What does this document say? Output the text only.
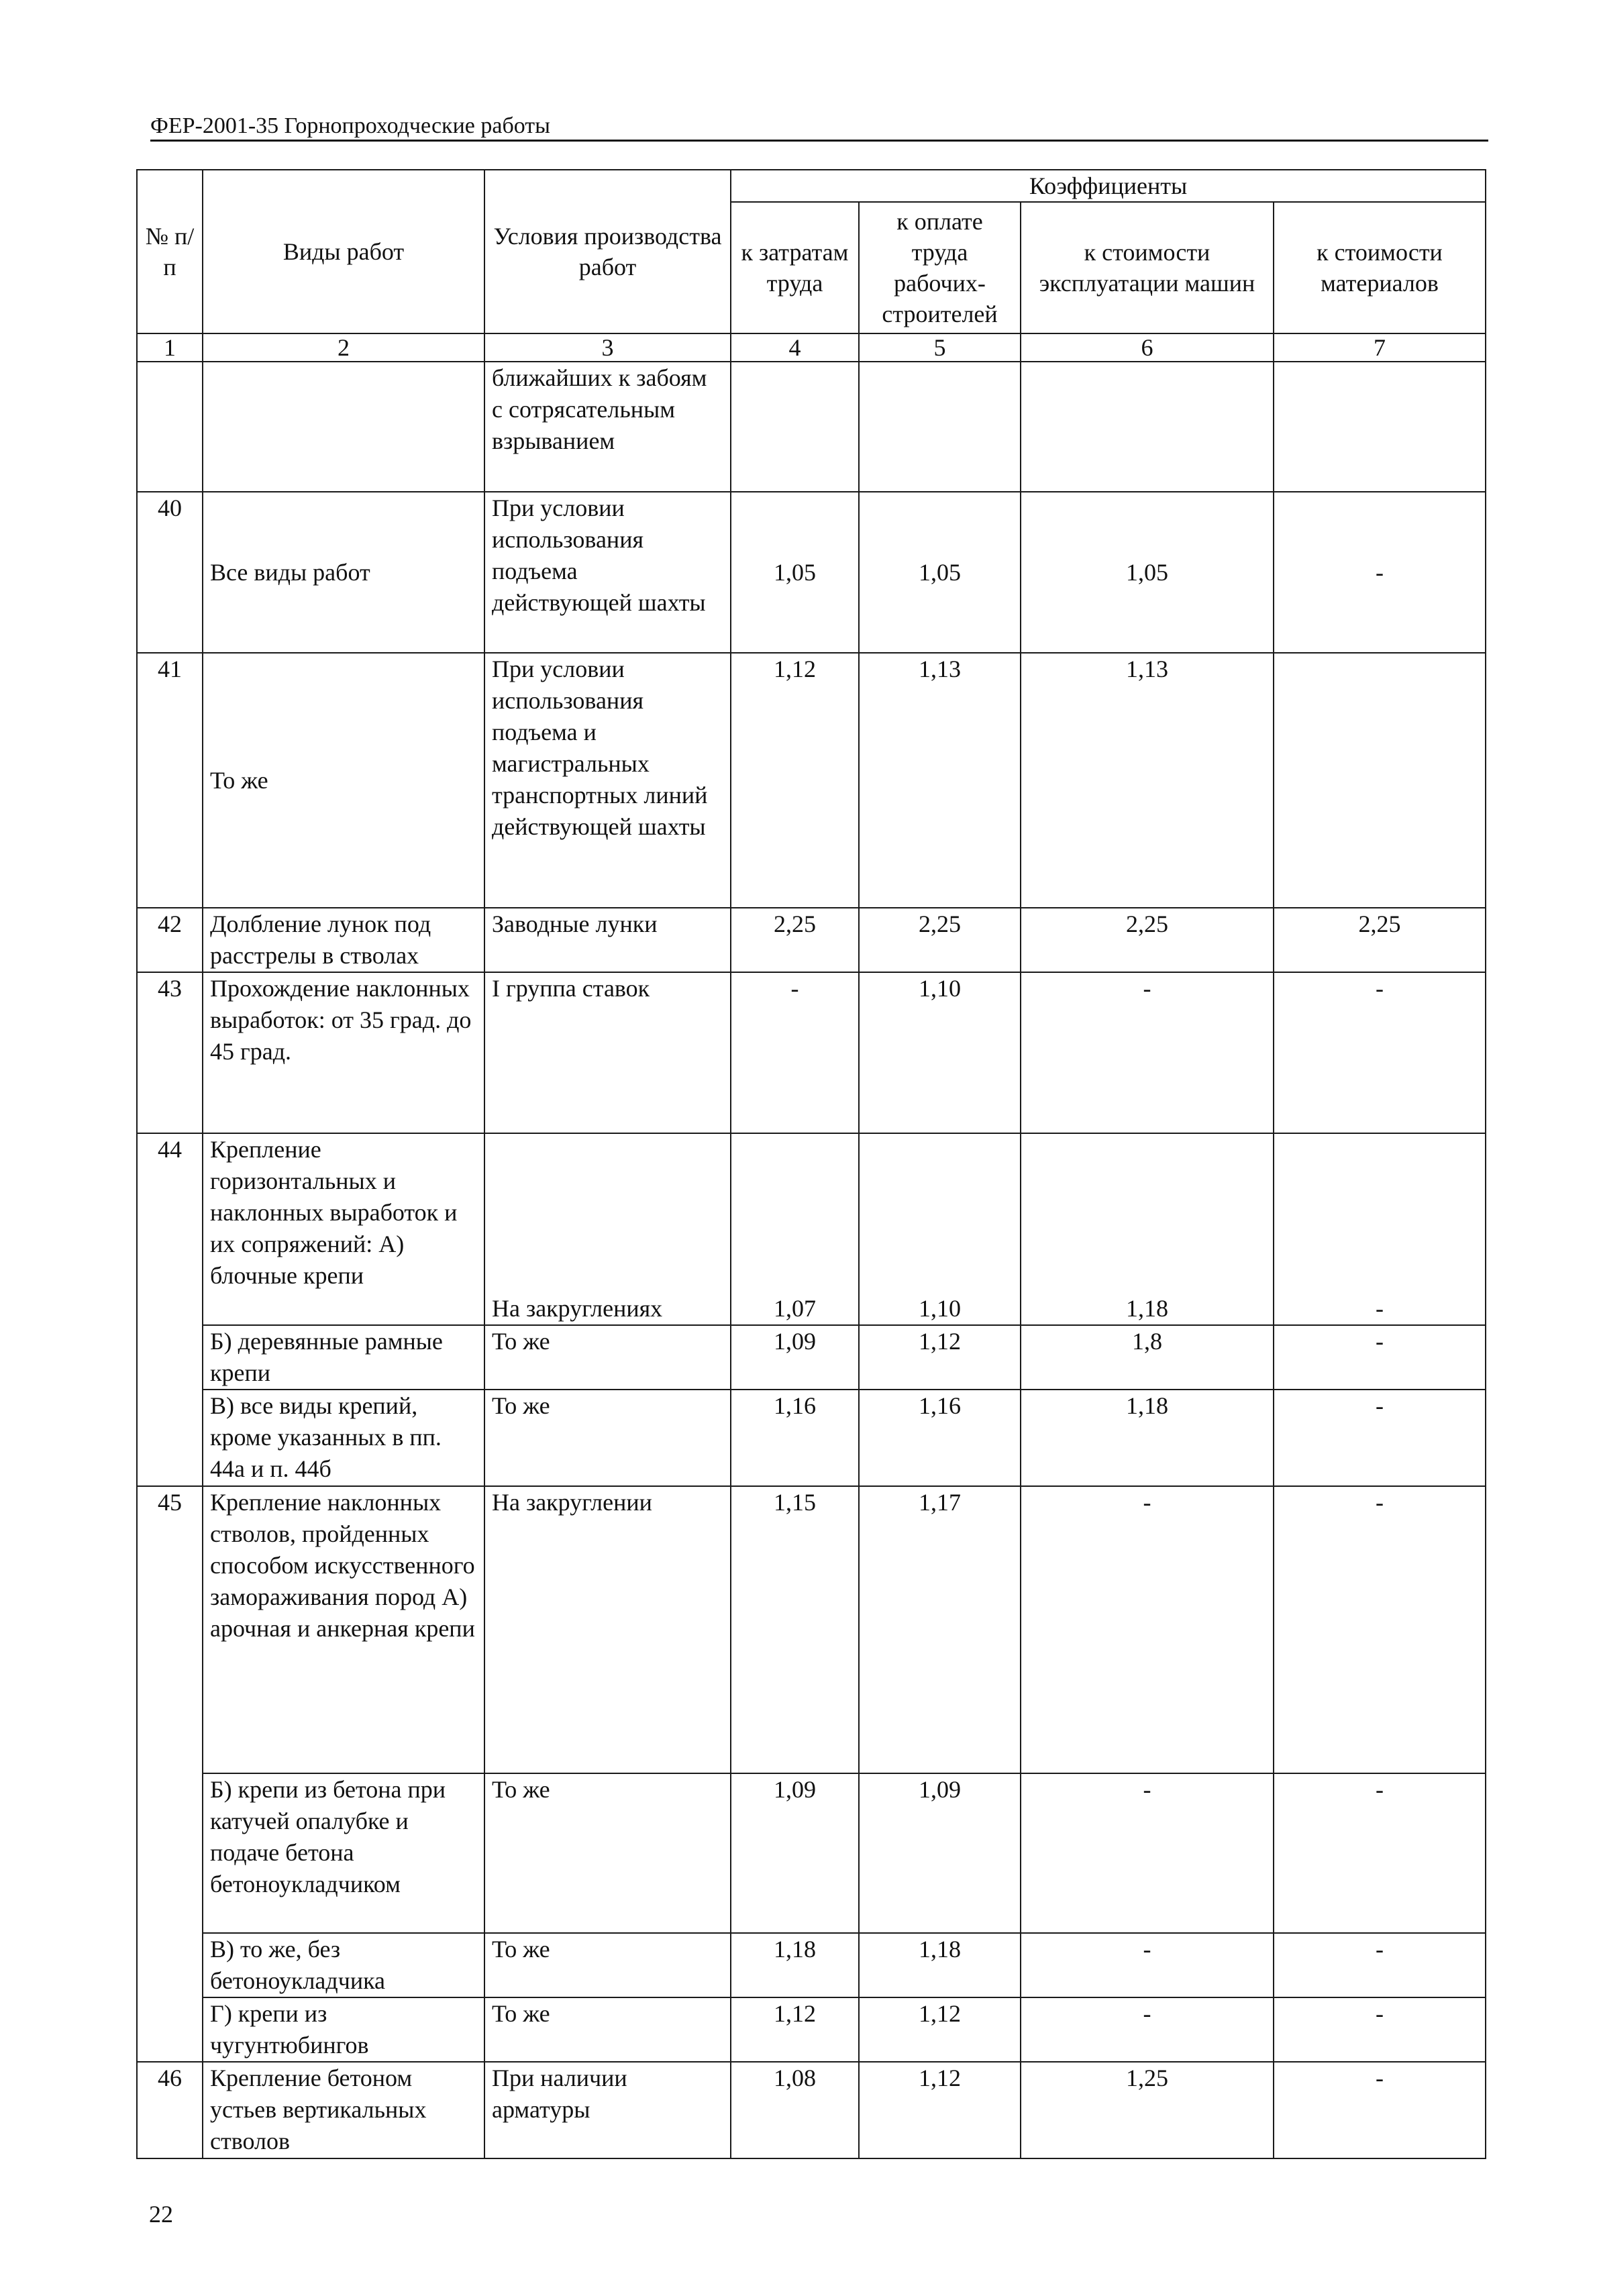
ФЕР-2001-35 Горнопроходческие работы
№ п/п	Виды работ	Условия производства работ	Коэффициенты			
			к затратам труда	к оплате труда рабочих-строителей	к стоимости эксплуатации машин	к стоимости материалов
1	2	3	4	5	6	7
		ближайших к забоям с сотрясательным взрыванием				
40	Все виды работ	При условии использования подъема действующей шахты	1,05	1,05	1,05	-
41	То же	При условии использования подъема и магистральных транспортных линий действующей шахты	1,12	1,13	1,13	
42	Долбление лунок под расстрелы в стволах	Заводные лунки	2,25	2,25	2,25	2,25
43	Прохождение наклонных выработок: от 35 град. до 45 град.	I группа ставок	-	1,10	-	-
44	Крепление горизонтальных и наклонных выработок и их сопряжений: А) блочные крепи	На закруглениях	1,07	1,10	1,18	-
	Б) деревянные рамные крепи	То же	1,09	1,12	1,8	-
	В) все виды крепий, кроме указанных в пп. 44а и п. 44б	То же	1,16	1,16	1,18	-
45	Крепление наклонных стволов, пройденных способом искусственного замораживания пород А) арочная и анкерная крепи	На закруглении	1,15	1,17	-	-
	Б) крепи из бетона при катучей опалубке и подаче бетона бетоноукладчиком	То же	1,09	1,09	-	-
	В) то же, без бетоноукладчика	То же	1,18	1,18	-	-
	Г) крепи из чугунтюбингов	То же	1,12	1,12	-	-
46	Крепление бетоном устьев вертикальных стволов	При наличии арматуры	1,08	1,12	1,25	-
22
